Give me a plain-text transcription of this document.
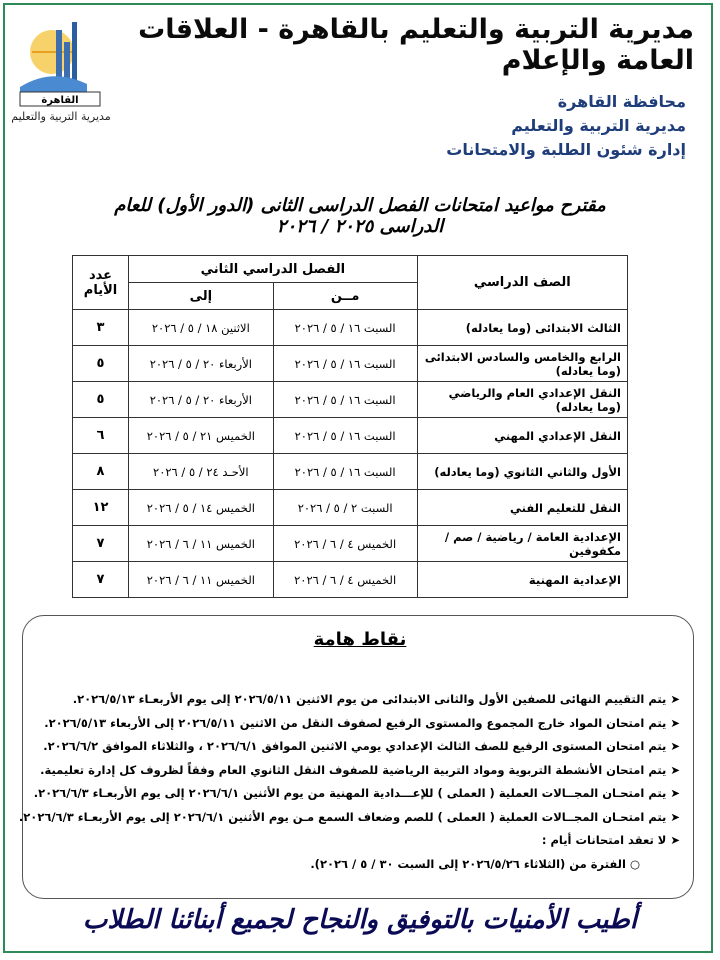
القاهرة
مديرية التربية والتعليم
مديرية التربية والتعليم بالقاهرة - العلاقات العامة والإعلام
محافظة القاهرة
مديرية التربية والتعليم
إدارة شئون الطلبة والامتحانات
مقترح مواعيد امتحانات الفصل الدراسى الثانى (الدور الأول) للعام الدراسى ٢٠٢٥ / ٢٠٢٦
الصف الدراسي	الفصل الدراسي الثاني		عدد الأيام
	مــن	إلى	
الثالث الابتدائى (وما يعادله)	السبت ١٦ / ٥ / ٢٠٢٦	الاثنين ١٨ / ٥ / ٢٠٢٦	٣
الرابع والخامس والسادس الابتدائى (وما يعادله)	السبت ١٦ / ٥ / ٢٠٢٦	الأربعاء ٢٠ / ٥ / ٢٠٢٦	٥
النقل الإعدادي العام والرياضي (وما يعادله)	السبت ١٦ / ٥ / ٢٠٢٦	الأربعاء ٢٠ / ٥ / ٢٠٢٦	٥
النقل الإعدادي المهني	السبت ١٦ / ٥ / ٢٠٢٦	الخميس ٢١ / ٥ / ٢٠٢٦	٦
الأول والثاني الثانوي (وما يعادله)	السبت ١٦ / ٥ / ٢٠٢٦	الأحـد ٢٤ / ٥ / ٢٠٢٦	٨
النقل للتعليم الفني	السبت ٢ / ٥ / ٢٠٢٦	الخميس ١٤ / ٥ / ٢٠٢٦	١٢
الإعدادية العامة / رياضية / صم / مكفوفين	الخميس ٤ / ٦ / ٢٠٢٦	الخميس ١١ / ٦ / ٢٠٢٦	٧
الإعدادية المهنية	الخميس ٤ / ٦ / ٢٠٢٦	الخميس ١١ / ٦ / ٢٠٢٦	٧
نقاط هامة
➤يتم التقييم النهائى للصفين الأول والثانى الابتدائى من يوم الاثنين ٢٠٢٦/٥/١١ إلى يوم الأربعـاء ٢٠٢٦/٥/١٣.
➤يتم امتحان المواد خارج المجموع والمستوى الرفيع لصفوف النقل من الاثنين ٢٠٢٦/٥/١١ إلى الأربعاء ٢٠٢٦/٥/١٣.
➤يتم امتحان المستوى الرفيع للصف الثالث الإعدادي يومي الاثنين الموافق ٢٠٢٦/٦/١ ، والثلاثاء الموافق ٢٠٢٦/٦/٢.
➤يتم امتحان الأنشطة التربوية ومواد التربية الرياضية للصفوف النقل الثانوي العام وفقاً لظروف كل إدارة تعليمية.
➤يتم امتحـان المجــالات العملية ( العملى ) للإعـــدادية المهنية من يوم الأثنين ٢٠٢٦/٦/١ إلى يوم الأربعـاء ٢٠٢٦/٦/٣.
➤يتم امتحـان المجــالات العملية ( العملى ) للصم وضعاف السمع مـن يوم الأثنين ٢٠٢٦/٦/١ إلى يوم الأربعـاء ٢٠٢٦/٦/٣.
➤لا تعقد امتحانات أيام :
○الفترة من (الثلاثاء ٢٠٢٦/٥/٢٦ إلى السبت ٣٠ / ٥ / ٢٠٢٦).
أطيب الأمنيات بالتوفيق والنجاح لجميع أبنائنا الطلاب
